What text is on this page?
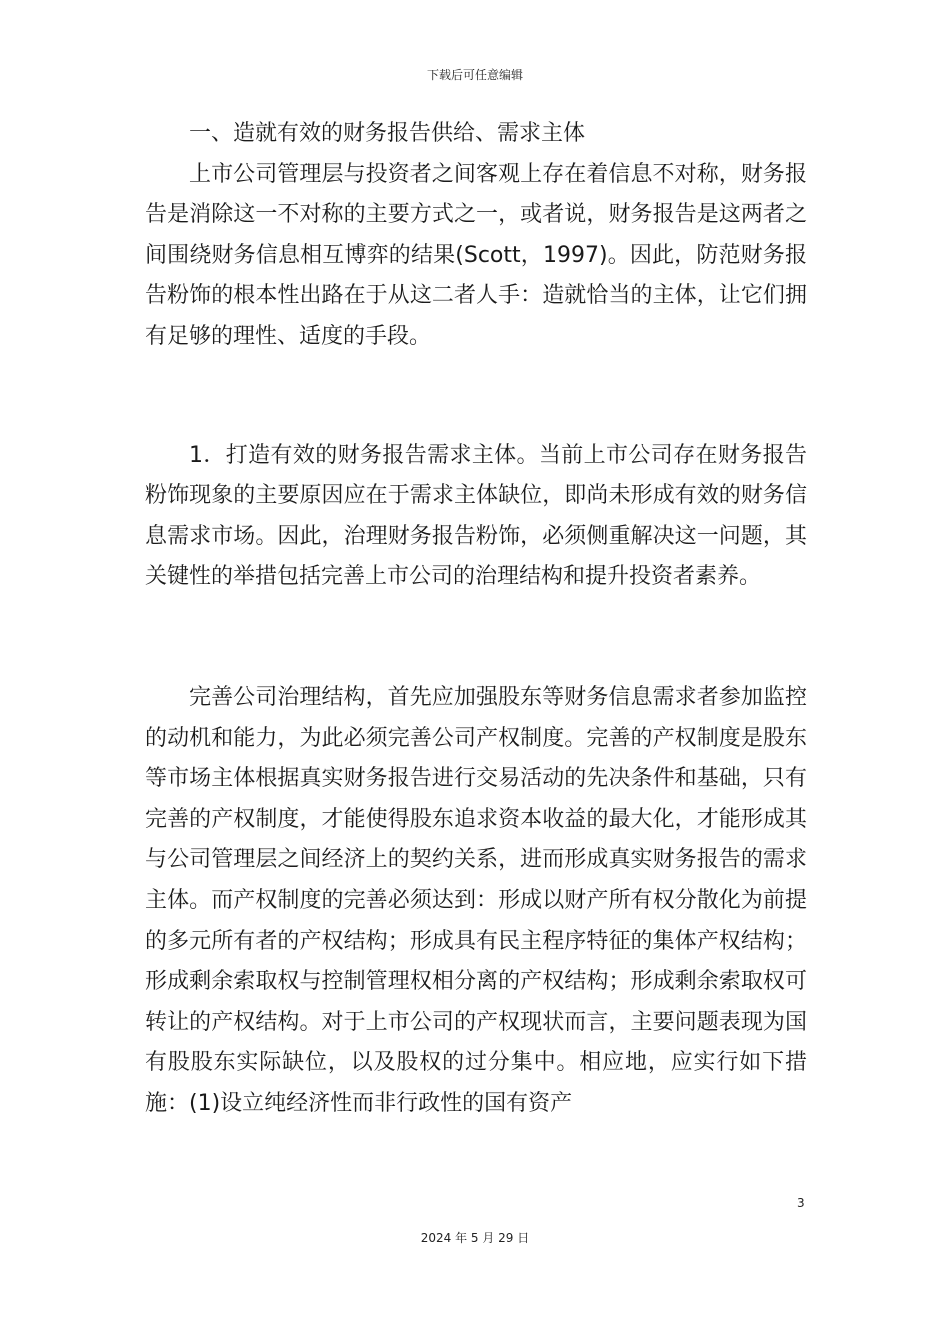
下载后可任意编辑

一、造就有效的财务报告供给、需求主体

上市公司管理层与投资者之间客观上存在着信息不对称，财务报告是消除这一不对称的主要方式之一，或者说，财务报告是这两者之间围绕财务信息相互博弈的结果(Scott，1997)。因此，防范财务报告粉饰的根本性出路在于从这二者人手：造就恰当的主体，让它们拥有足够的理性、适度的手段。

1．打造有效的财务报告需求主体。当前上市公司存在财务报告粉饰现象的主要原因应在于需求主体缺位，即尚未形成有效的财务信息需求市场。因此，治理财务报告粉饰，必须侧重解决这一问题，其关键性的举措包括完善上市公司的治理结构和提升投资者素养。

完善公司治理结构，首先应加强股东等财务信息需求者参加监控的动机和能力，为此必须完善公司产权制度。完善的产权制度是股东等市场主体根据真实财务报告进行交易活动的先决条件和基础，只有完善的产权制度，才能使得股东追求资本收益的最大化，才能形成其与公司管理层之间经济上的契约关系，进而形成真实财务报告的需求主体。而产权制度的完善必须达到：形成以财产所有权分散化为前提的多元所有者的产权结构；形成具有民主程序特征的集体产权结构；形成剩余索取权与控制管理权相分离的产权结构；形成剩余索取权可转让的产权结构。对于上市公司的产权现状而言，主要问题表现为国有股股东实际缺位，以及股权的过分集中。相应地，应实行如下措施：(1)设立纯经济性而非行政性的国有资产

3
2024 年 5 月 29 日
